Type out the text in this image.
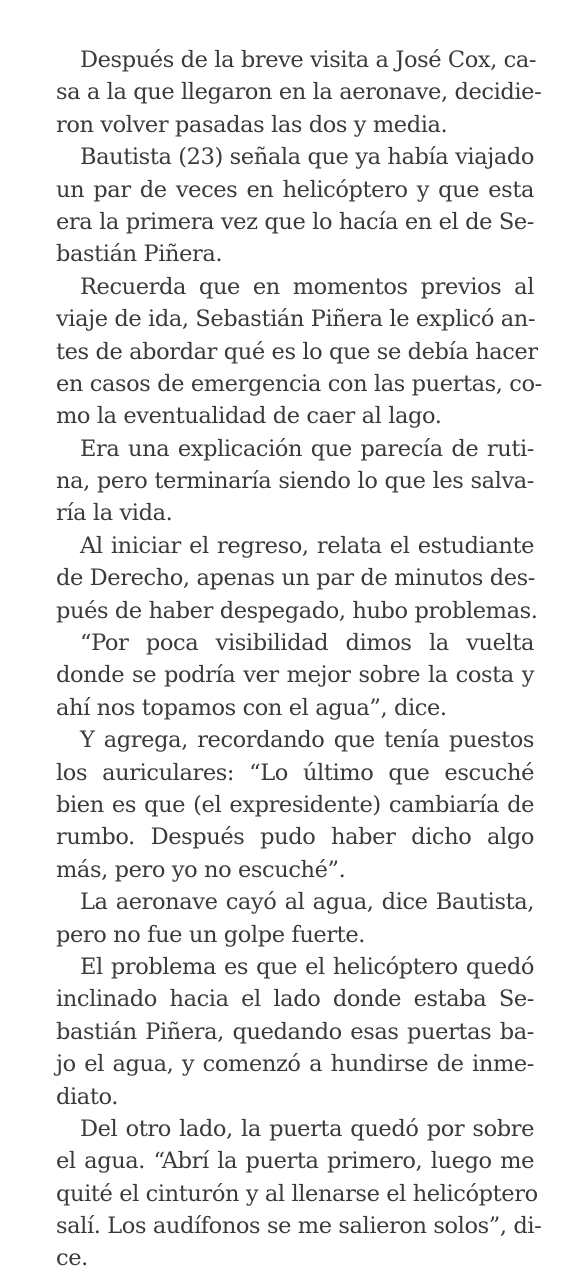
Después de la breve visita a José Cox, ca-
sa a la que llegaron en la aeronave, decidie-
ron volver pasadas las dos y media.
Bautista (23) señala que ya había viajado
un par de veces en helicóptero y que esta
era la primera vez que lo hacía en el de Se-
bastián Piñera.
Recuerda que en momentos previos al
viaje de ida, Sebastián Piñera le explicó an-
tes de abordar qué es lo que se debía hacer
en casos de emergencia con las puertas, co-
mo la eventualidad de caer al lago.
Era una explicación que parecía de ruti-
na, pero terminaría siendo lo que les salva-
ría la vida.
Al iniciar el regreso, relata el estudiante
de Derecho, apenas un par de minutos des-
pués de haber despegado, hubo problemas.
“Por poca visibilidad dimos la vuelta
donde se podría ver mejor sobre la costa y
ahí nos topamos con el agua”, dice.
Y agrega, recordando que tenía puestos
los auriculares: “Lo último que escuché
bien es que (el expresidente) cambiaría de
rumbo. Después pudo haber dicho algo
más, pero yo no escuché”.
La aeronave cayó al agua, dice Bautista,
pero no fue un golpe fuerte.
El problema es que el helicóptero quedó
inclinado hacia el lado donde estaba Se-
bastián Piñera, quedando esas puertas ba-
jo el agua, y comenzó a hundirse de inme-
diato.
Del otro lado, la puerta quedó por sobre
el agua. “Abrí la puerta primero, luego me
quité el cinturón y al llenarse el helicóptero
salí. Los audífonos se me salieron solos”, di-
ce.
